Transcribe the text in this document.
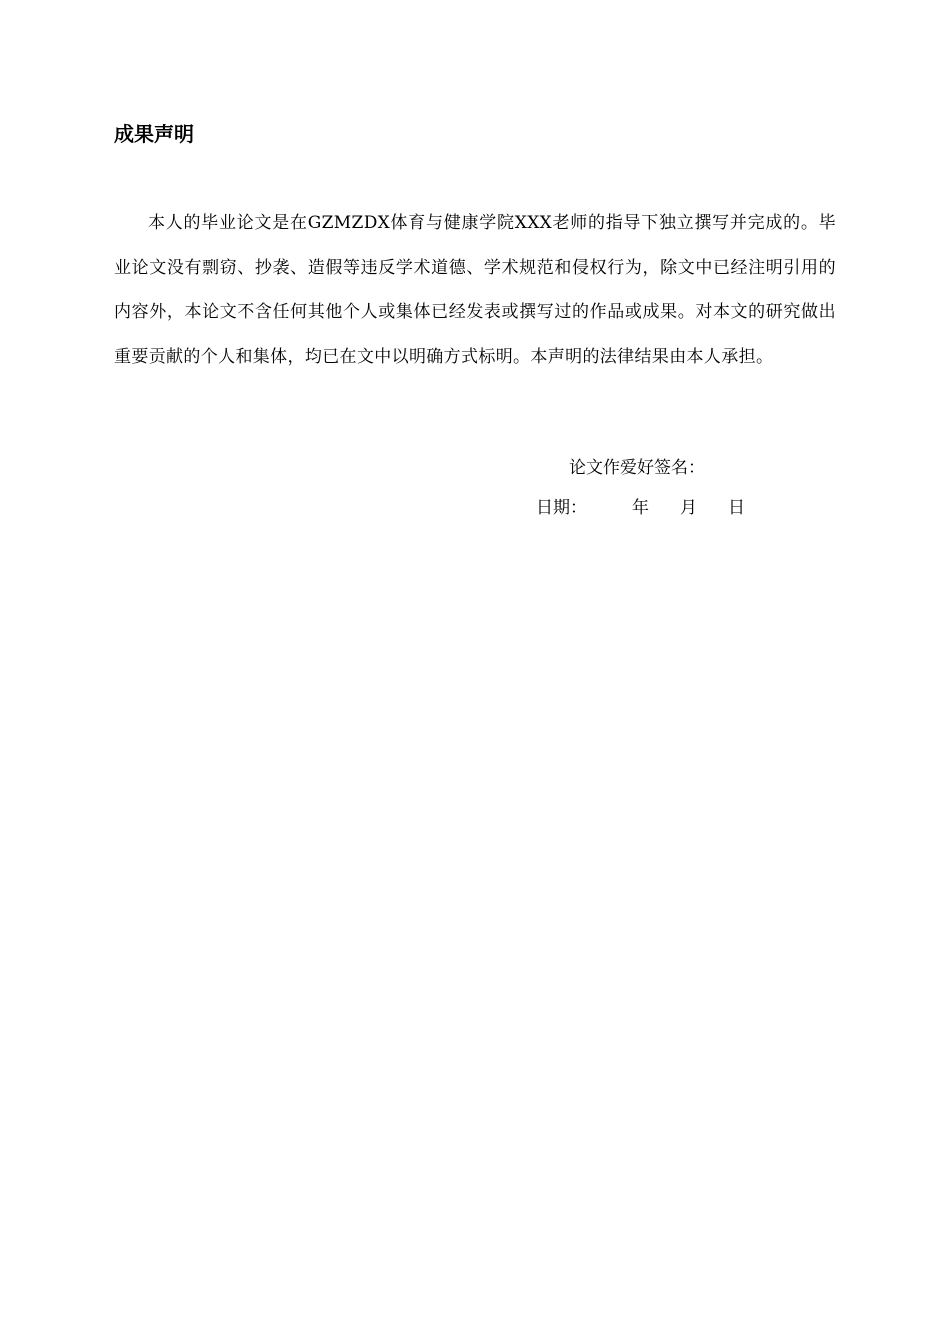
成果声明

本人的毕业论文是在GZMZDX体育与健康学院XXX老师的指导下独立撰写并完成的。毕业论文没有剽窃、抄袭、造假等违反学术道德、学术规范和侵权行为，除文中已经注明引用的内容外，本论文不含任何其他个人或集体已经发表或撰写过的作品或成果。对本文的研究做出重要贡献的个人和集体，均已在文中以明确方式标明。本声明的法律结果由本人承担。

论文作爱好签名：

日期：	年 月 日
